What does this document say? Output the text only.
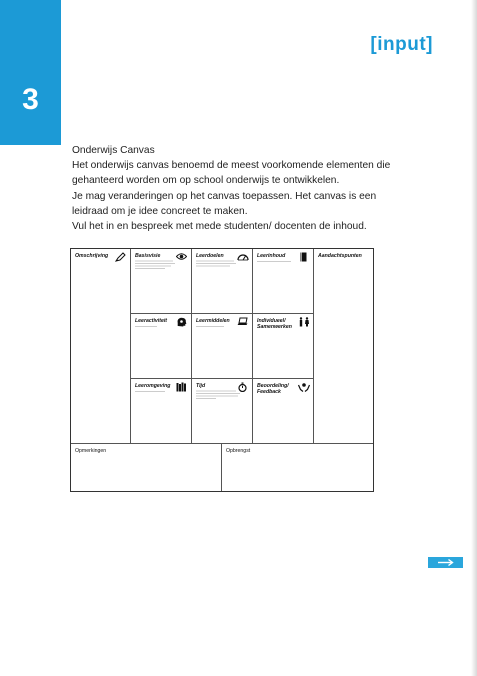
3
[input]

Onderwijs Canvas

Het onderwijs canvas benoemd de meest voorkomende elementen die

gehanteerd worden om op school onderwijs te ontwikkelen.

Je mag veranderingen op het canvas toepassen. Het canvas is een

leidraad om je idee concreet te maken.

Vul het in en bespreek met mede studenten/ docenten de inhoud.

Omschrijving	Basisvisie	Leerdoelen	Leerinhoud	Aandachtspunten
Leeractiviteit	Leermiddelen	Individueel/
Samenwerken
Leeromgeving	Tijd	Beoordeling/
Feedback
Opmerkingen	Opbrengst
